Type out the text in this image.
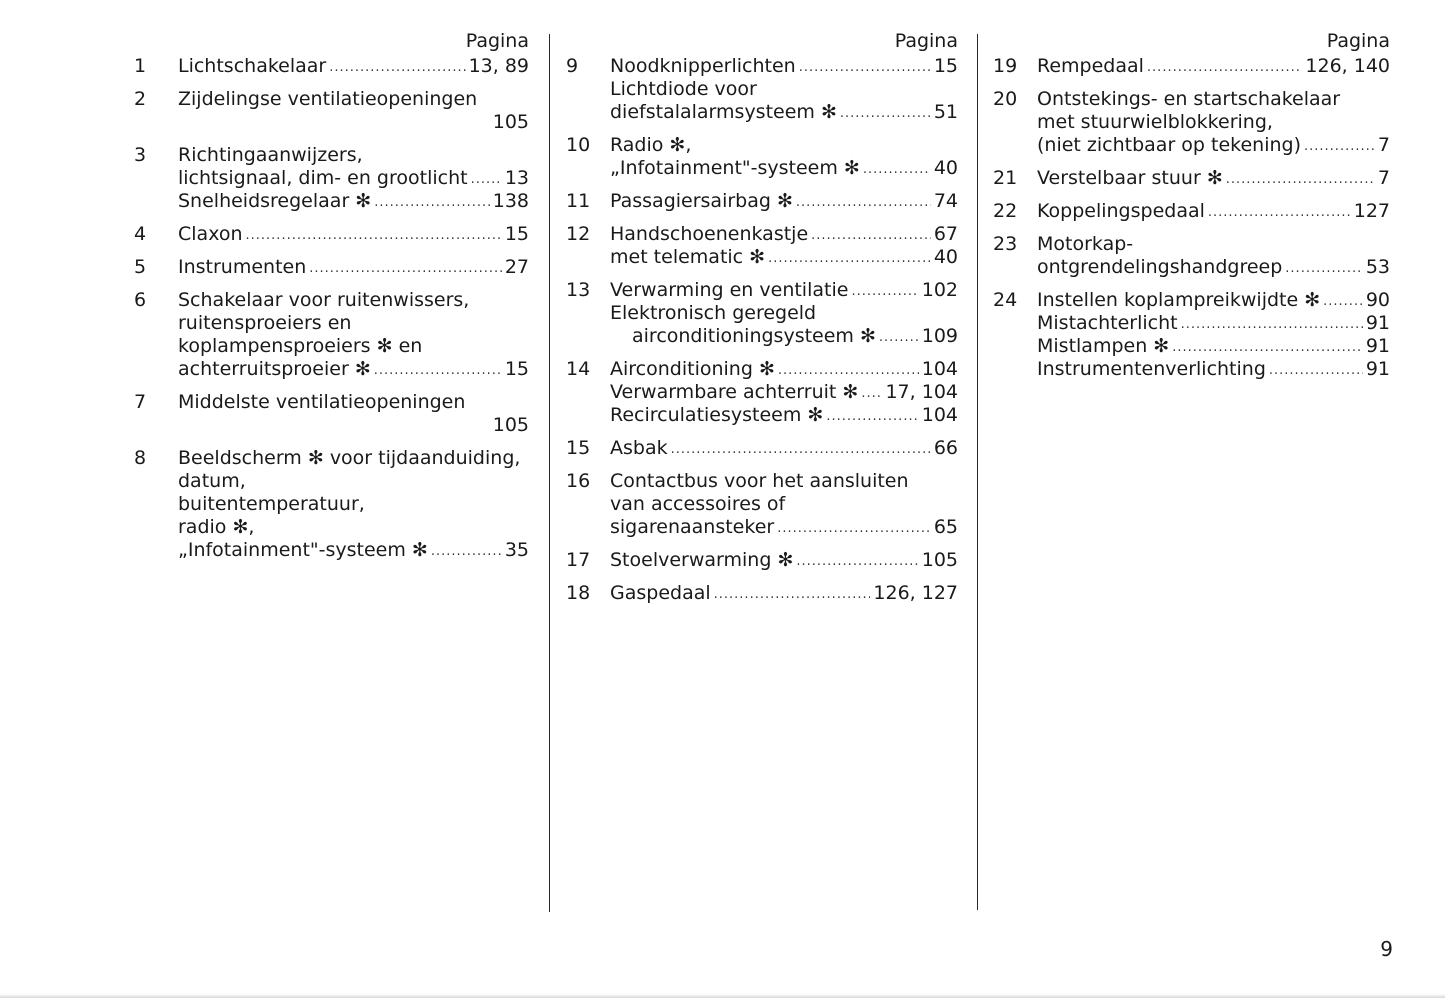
Pagina
1	Lichtschakelaar .....	13, 89
2	Zijdelingse ventilatieopeningen
105
3	Richtingaanwijzers,
lichtsignaal, dim- en grootlicht ..... 13
Snelheidsregelaar ✻ .....	138
4	Claxon .....	15
5	Instrumenten .....	27
6	Schakelaar voor ruitenwissers,
ruitensproeiers en
koplampensproeiers ✻ en
achterruitsproeier ✻ .....	15
7	Middelste ventilatieopeningen
105
8	Beeldscherm ✻ voor tijdaanduiding,
datum,
buitentemperatuur,
radio ✻,
„Infotainment"-systeem ✻ .....	35
Pagina
9	Noodknipperlichten .....	15
Lichtdiode voor
diefstalalarmsysteem ✻ .....	51
10	Radio ✻,
„Infotainment"-systeem ✻ .....	40
11	Passagiersairbag ✻ .....	74
12	Handschoenenkastje .....	67
met telematic ✻ .....	40
13	Verwarming en ventilatie .....	102
Elektronisch geregeld
airconditioningsysteem ✻ ..... 109
14	Airconditioning ✻ .....	104
Verwarmbare achterruit ✻ ..... 17, 104
Recirculatiesysteem ✻ .....	104
15	Asbak .....	66
16	Contactbus voor het aansluiten
van accessoires of
sigarenaansteker .....	65
17	Stoelverwarming ✻ .....	105
18	Gaspedaal .....	126, 127
Pagina
19	Rempedaal .....	126, 140
20	Ontstekings- en startschakelaar
met stuurwielblokkering,
(niet zichtbaar op tekening) .....	7
21	Verstelbaar stuur ✻ .....	7
22	Koppelingspedaal .....	127
23	Motorkap-
ontgrendelingshandgreep .....	53
24	Instellen koplampreikwijdte ✻ ..... 90
Mistachterlicht .....	91
Mistlampen ✻ .....	91
Instrumentenverlichting .....	91
9
